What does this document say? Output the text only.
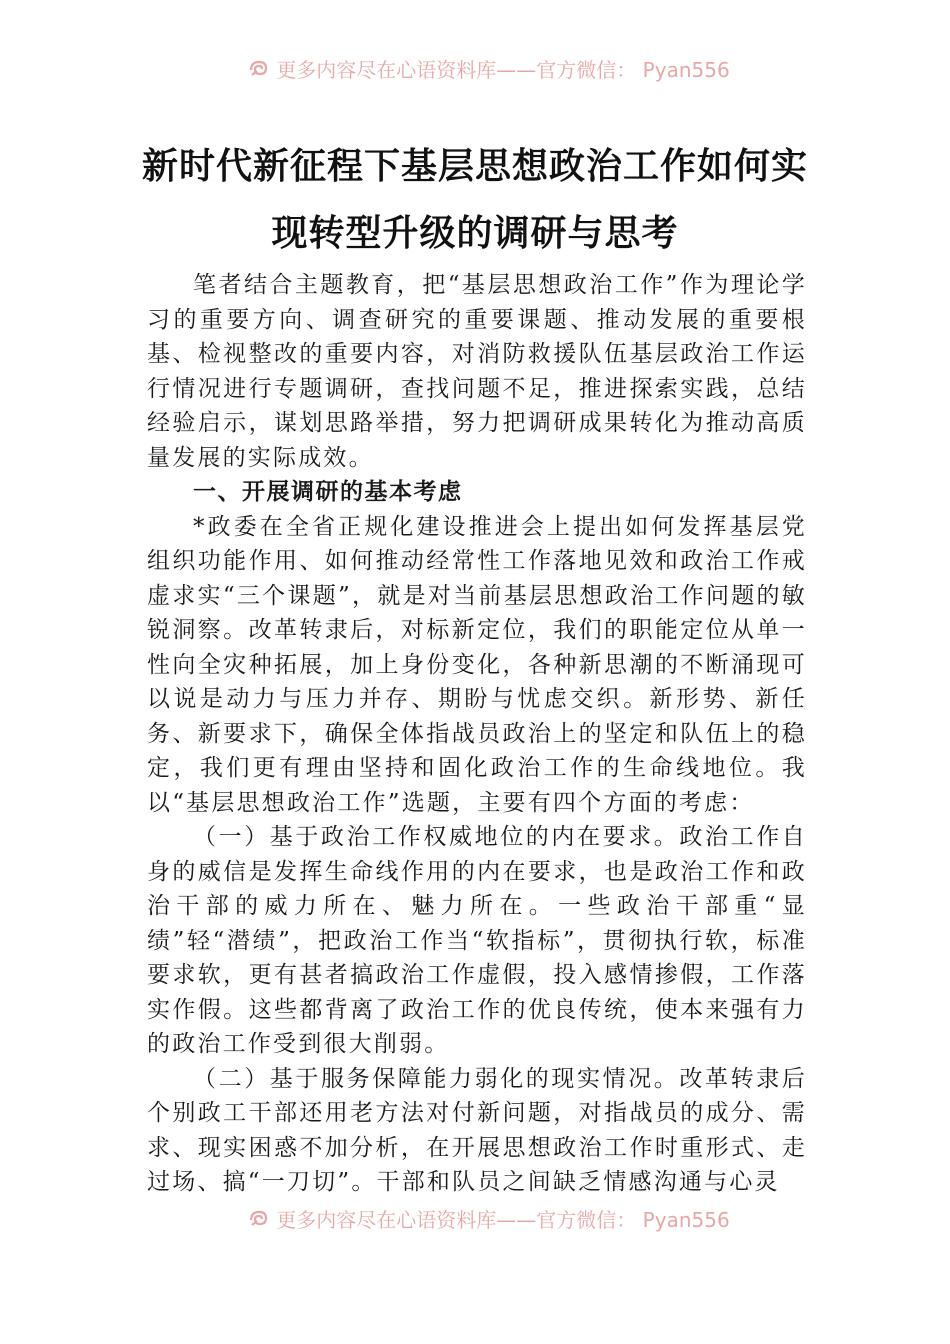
更多内容尽在心语资料库——官方微信： Pyan556
新时代新征程下基层思想政治工作如何实
现转型升级的调研与思考

笔者结合主题教育，把“基层思想政治工作”作为理论学习的重要方向、调查研究的重要课题、推动发展的重要根基、检视整改的重要内容，对消防救援队伍基层政治工作运行情况进行专题调研，查找问题不足，推进探索实践，总结经验启示，谋划思路举措，努力把调研成果转化为推动高质量发展的实际成效。

一、开展调研的基本考虑

*政委在全省正规化建设推进会上提出如何发挥基层党组织功能作用、如何推动经常性工作落地见效和政治工作戒虚求实“三个课题”，就是对当前基层思想政治工作问题的敏锐洞察。改革转隶后，对标新定位，我们的职能定位从单一性向全灾种拓展，加上身份变化，各种新思潮的不断涌现可以说是动力与压力并存、期盼与忧虑交织。新形势、新任务、新要求下，确保全体指战员政治上的坚定和队伍上的稳定，我们更有理由坚持和固化政治工作的生命线地位。我以“基层思想政治工作”选题，主要有四个方面的考虑：

（一）基于政治工作权威地位的内在要求。政治工作自身的威信是发挥生命线作用的内在要求，也是政治工作和政治干部的威力所在、魅力所在。一些政治干部重“显绩”轻“潜绩”，把政治工作当“软指标”，贯彻执行软，标准要求软，更有甚者搞政治工作虚假，投入感情掺假，工作落实作假。这些都背离了政治工作的优良传统，使本来强有力的政治工作受到很大削弱。

（二）基于服务保障能力弱化的现实情况。改革转隶后个别政工干部还用老方法对付新问题，对指战员的成分、需求、现实困惑不加分析，在开展思想政治工作时重形式、走过场、搞“一刀切”。干部和队员之间缺乏情感沟通与心灵

更多内容尽在心语资料库——官方微信： Pyan556
